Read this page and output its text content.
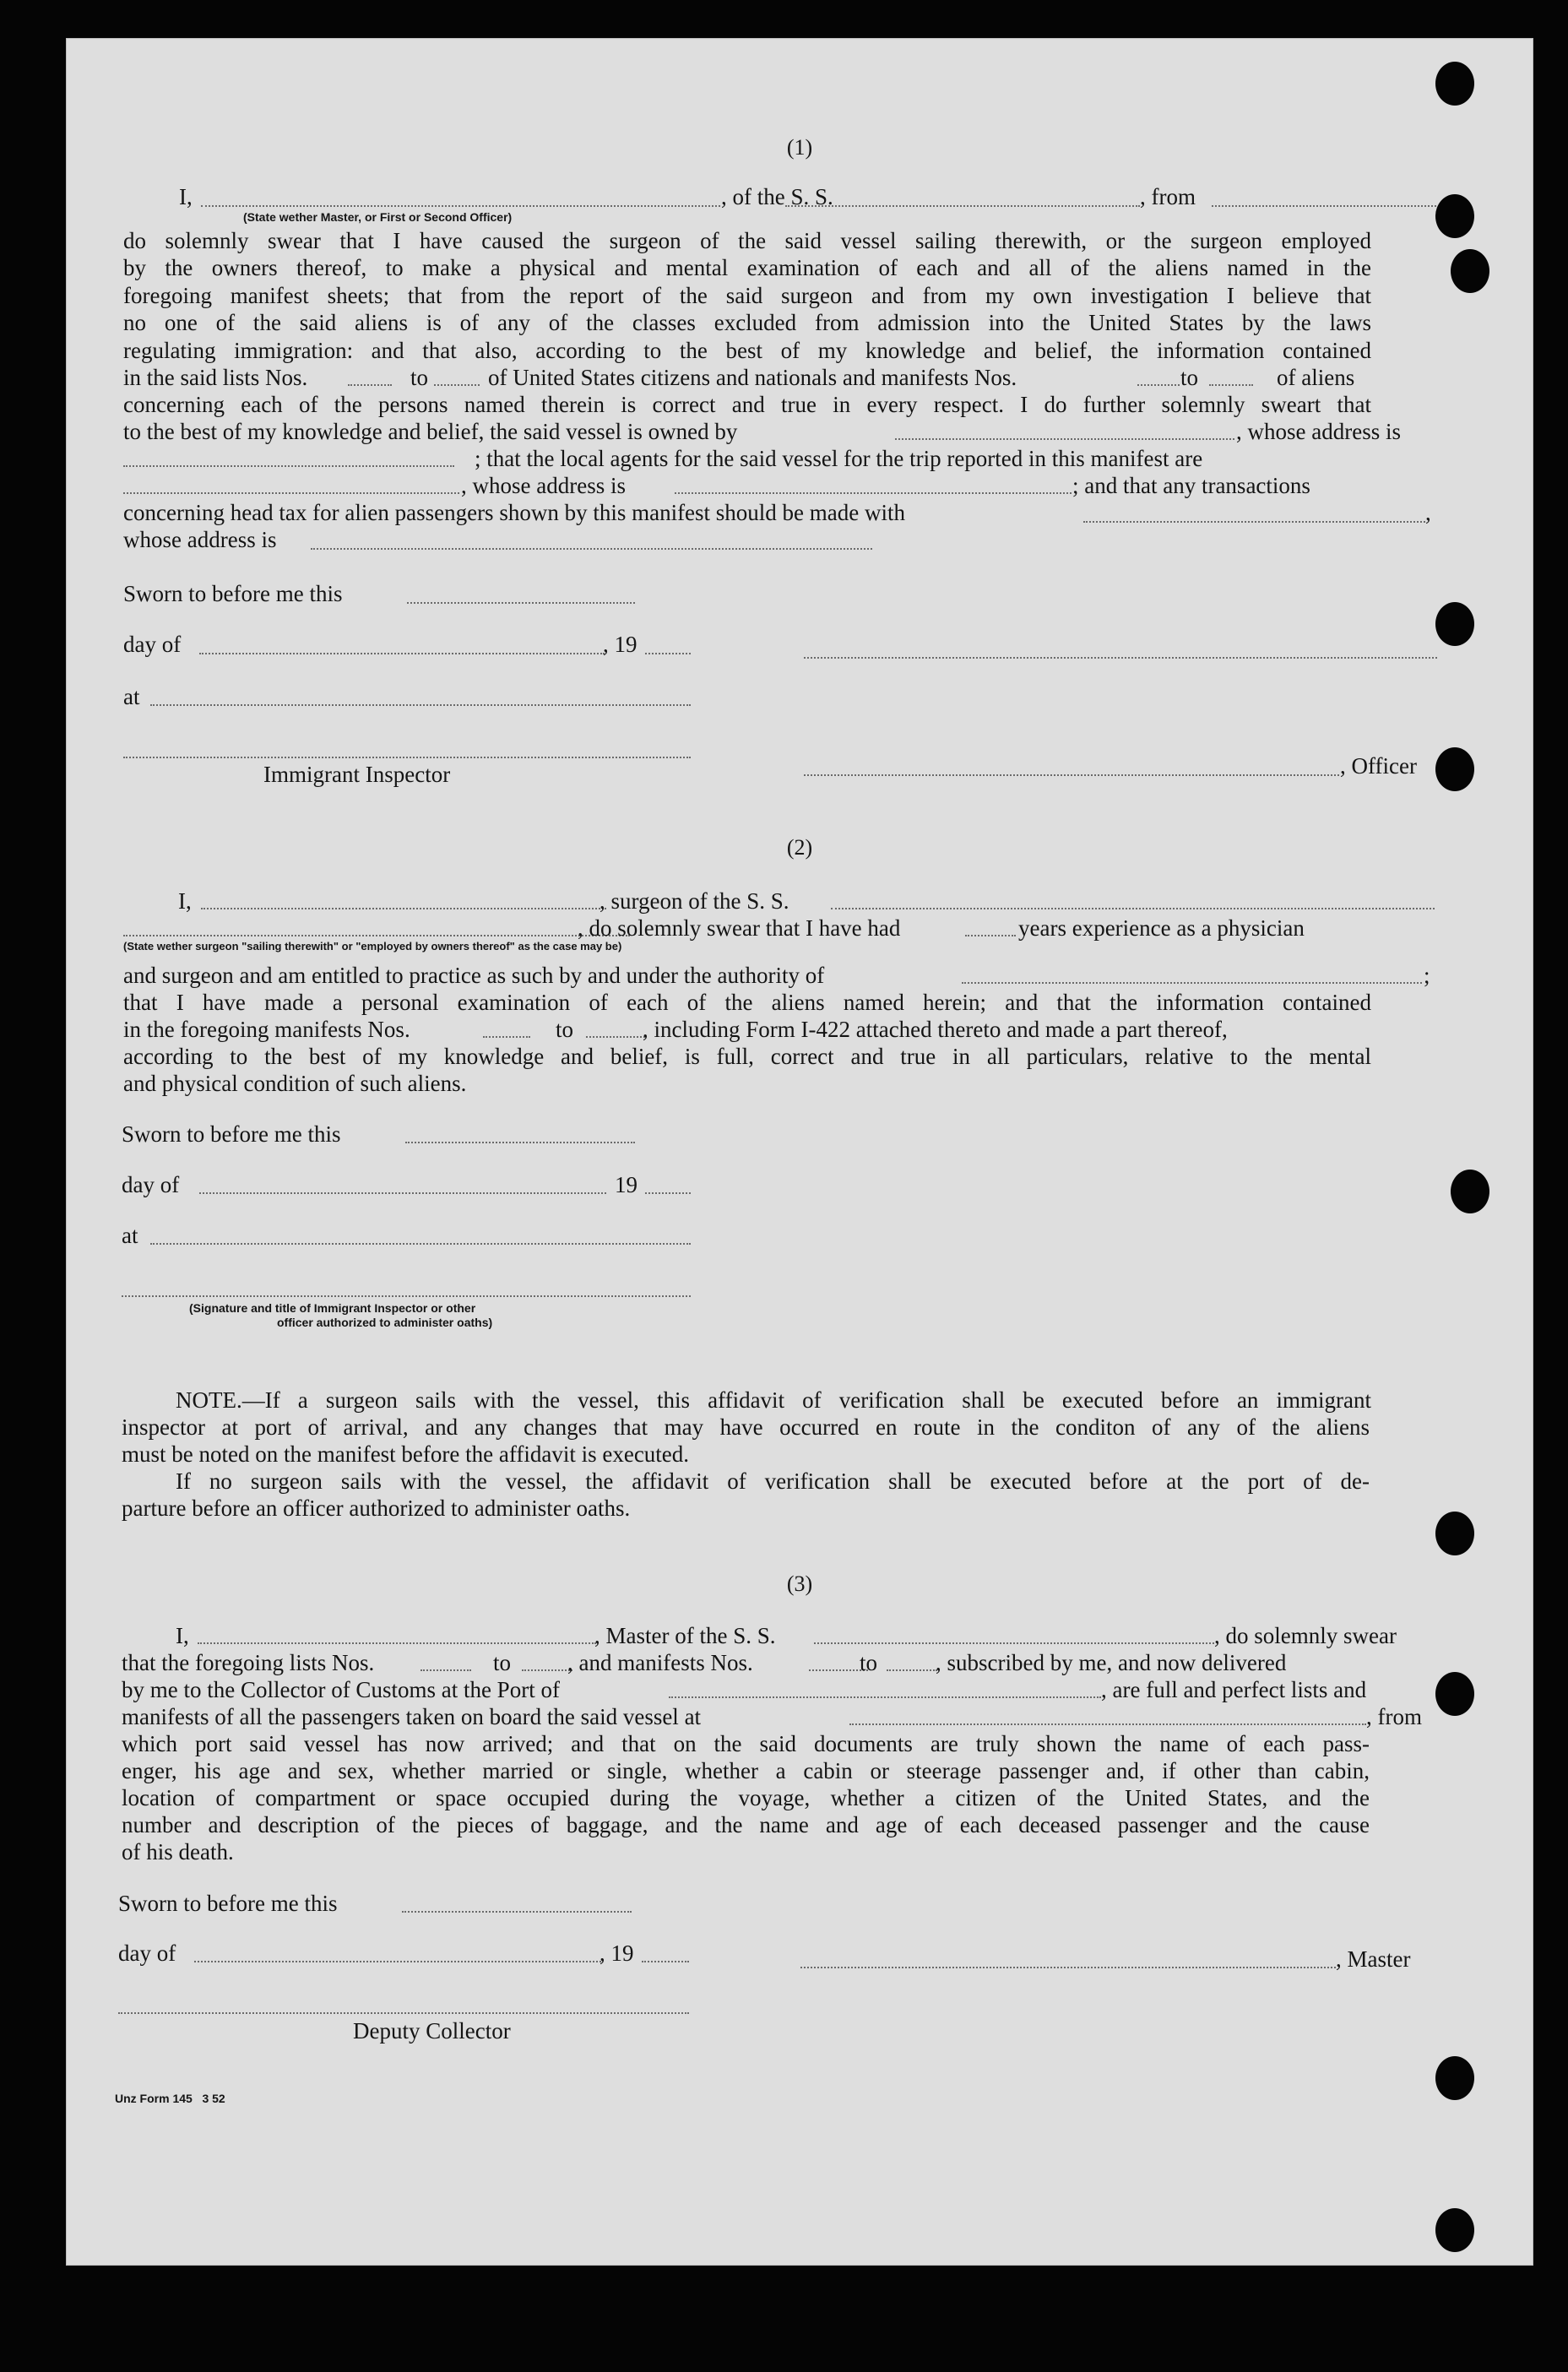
(1)
I,	, of the S. S.	, from
(State wether Master, or First or Second Officer)
do solemnly swear that I have caused the surgeon of the said vessel sailing therewith, or the surgeon employed
by the owners thereof, to make a physical and mental examination of each and all of the aliens named in the
foregoing manifest sheets; that from the report of the said surgeon and from my own investigation I believe that
no one of the said aliens is of any of the classes excluded from admission into the United States by the laws
regulating immigration: and that also, according to the best of my knowledge and belief, the information contained
in the said lists Nos.	to	of United States citizens and nationals and manifests Nos.	to	of aliens
concerning each of the persons named therein is correct and true in every respect. I do further solemnly sweart that
to the best of my knowledge and belief, the said vessel is owned by	, whose address is
; that the local agents for the said vessel for the trip reported in this manifest are
, whose address is	; and that any transactions
concerning head tax for alien passengers shown by this manifest should be made with	,
whose address is
Sworn to before me this
day of	, 19
at
Immigrant Inspector	, Officer
(2)
I,	, surgeon of the S. S.
, do solemnly swear that I have had	years experience as a physician
(State wether surgeon "sailing therewith" or "employed by owners thereof" as the case may be)
and surgeon and am entitled to practice as such by and under the authority of	;
that I have made a personal examination of each of the aliens named herein; and that the information contained
in the foregoing manifests Nos.	to	, including Form I-422 attached thereto and made a part thereof,
according to the best of my knowledge and belief, is full, correct and true in all particulars, relative to the mental
and physical condition of such aliens.
Sworn to before me this
day of	19
at
(Signature and title of Immigrant Inspector or other
officer authorized to administer oaths)
NOTE.—If a surgeon sails with the vessel, this affidavit of verification shall be executed before an immigrant
inspector at port of arrival, and any changes that may have occurred en route in the conditon of any of the aliens
must be noted on the manifest before the affidavit is executed.
If no surgeon sails with the vessel, the affidavit of verification shall be executed before at the port of de-
parture before an officer authorized to administer oaths.
(3)
I,	, Master of the S. S.	, do solemnly swear
that the foregoing lists Nos.	to , and manifests Nos.	to	, subscribed by me, and now delivered
by me to the Collector of Customs at the Port of	, are full and perfect lists and
manifests of all the passengers taken on board the said vessel at	, from
which port said vessel has now arrived; and that on the said documents are truly shown the name of each pass-
enger, his age and sex, whether married or single, whether a cabin or steerage passenger and, if other than cabin,
location of compartment or space occupied during the voyage, whether a citizen of the United States, and the
number and description of the pieces of baggage, and the name and age of each deceased passenger and the cause
of his death.
Sworn to before me this
day of	, 19	, Master
Deputy Collector
Unz Form 145   3 52
